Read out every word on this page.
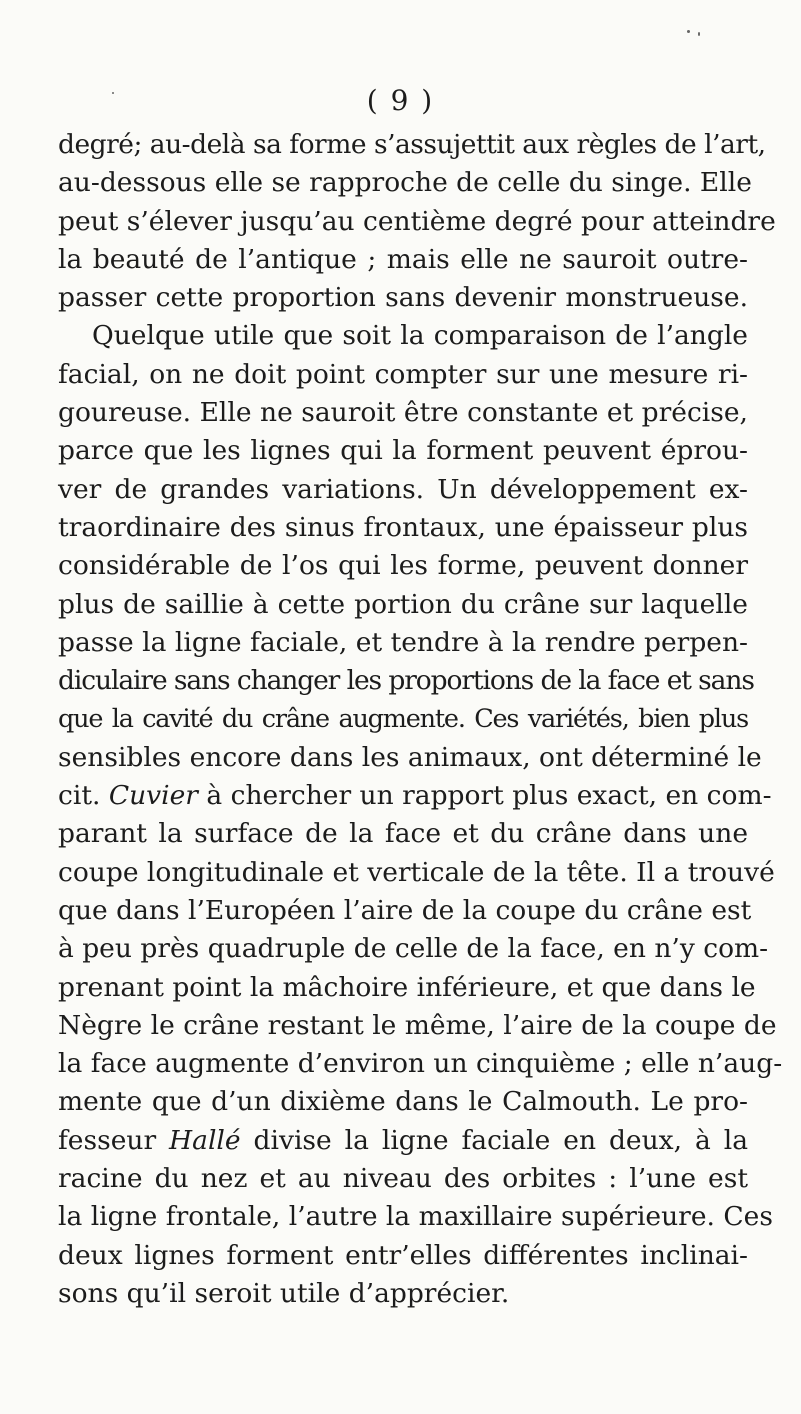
( 9 )
degré; au-delà sa forme s’assujettit aux règles de l’art,
au-dessous elle se rapproche de celle du singe. Elle
peut s’élever jusqu’au centième degré pour atteindre
la beauté de l’antique ; mais elle ne sauroit outre-
passer cette proportion sans devenir monstrueuse.
Quelque utile que soit la comparaison de l’angle
facial, on ne doit point compter sur une mesure ri-
goureuse. Elle ne sauroit être constante et précise,
parce que les lignes qui la forment peuvent éprou-
ver de grandes variations. Un développement ex-
traordinaire des sinus frontaux, une épaisseur plus
considérable de l’os qui les forme, peuvent donner
plus de saillie à cette portion du crâne sur laquelle
passe la ligne faciale, et tendre à la rendre perpen-
diculaire sans changer les proportions de la face et sans
que la cavité du crâne augmente. Ces variétés, bien plus
sensibles encore dans les animaux, ont déterminé le
cit. Cuvier à chercher un rapport plus exact, en com-
parant la surface de la face et du crâne dans une
coupe longitudinale et verticale de la tête. Il a trouvé
que dans l’Européen l’aire de la coupe du crâne est
à peu près quadruple de celle de la face, en n’y com-
prenant point la mâchoire inférieure, et que dans le
Nègre le crâne restant le même, l’aire de la coupe de
la face augmente d’environ un cinquième ; elle n’aug-
mente que d’un dixième dans le Calmouth. Le pro-
fesseur Hallé divise la ligne faciale en deux, à la
racine du nez et au niveau des orbites : l’une est
la ligne frontale, l’autre la maxillaire supérieure. Ces
deux lignes forment entr’elles différentes inclinai-
sons qu’il seroit utile d’apprécier.
